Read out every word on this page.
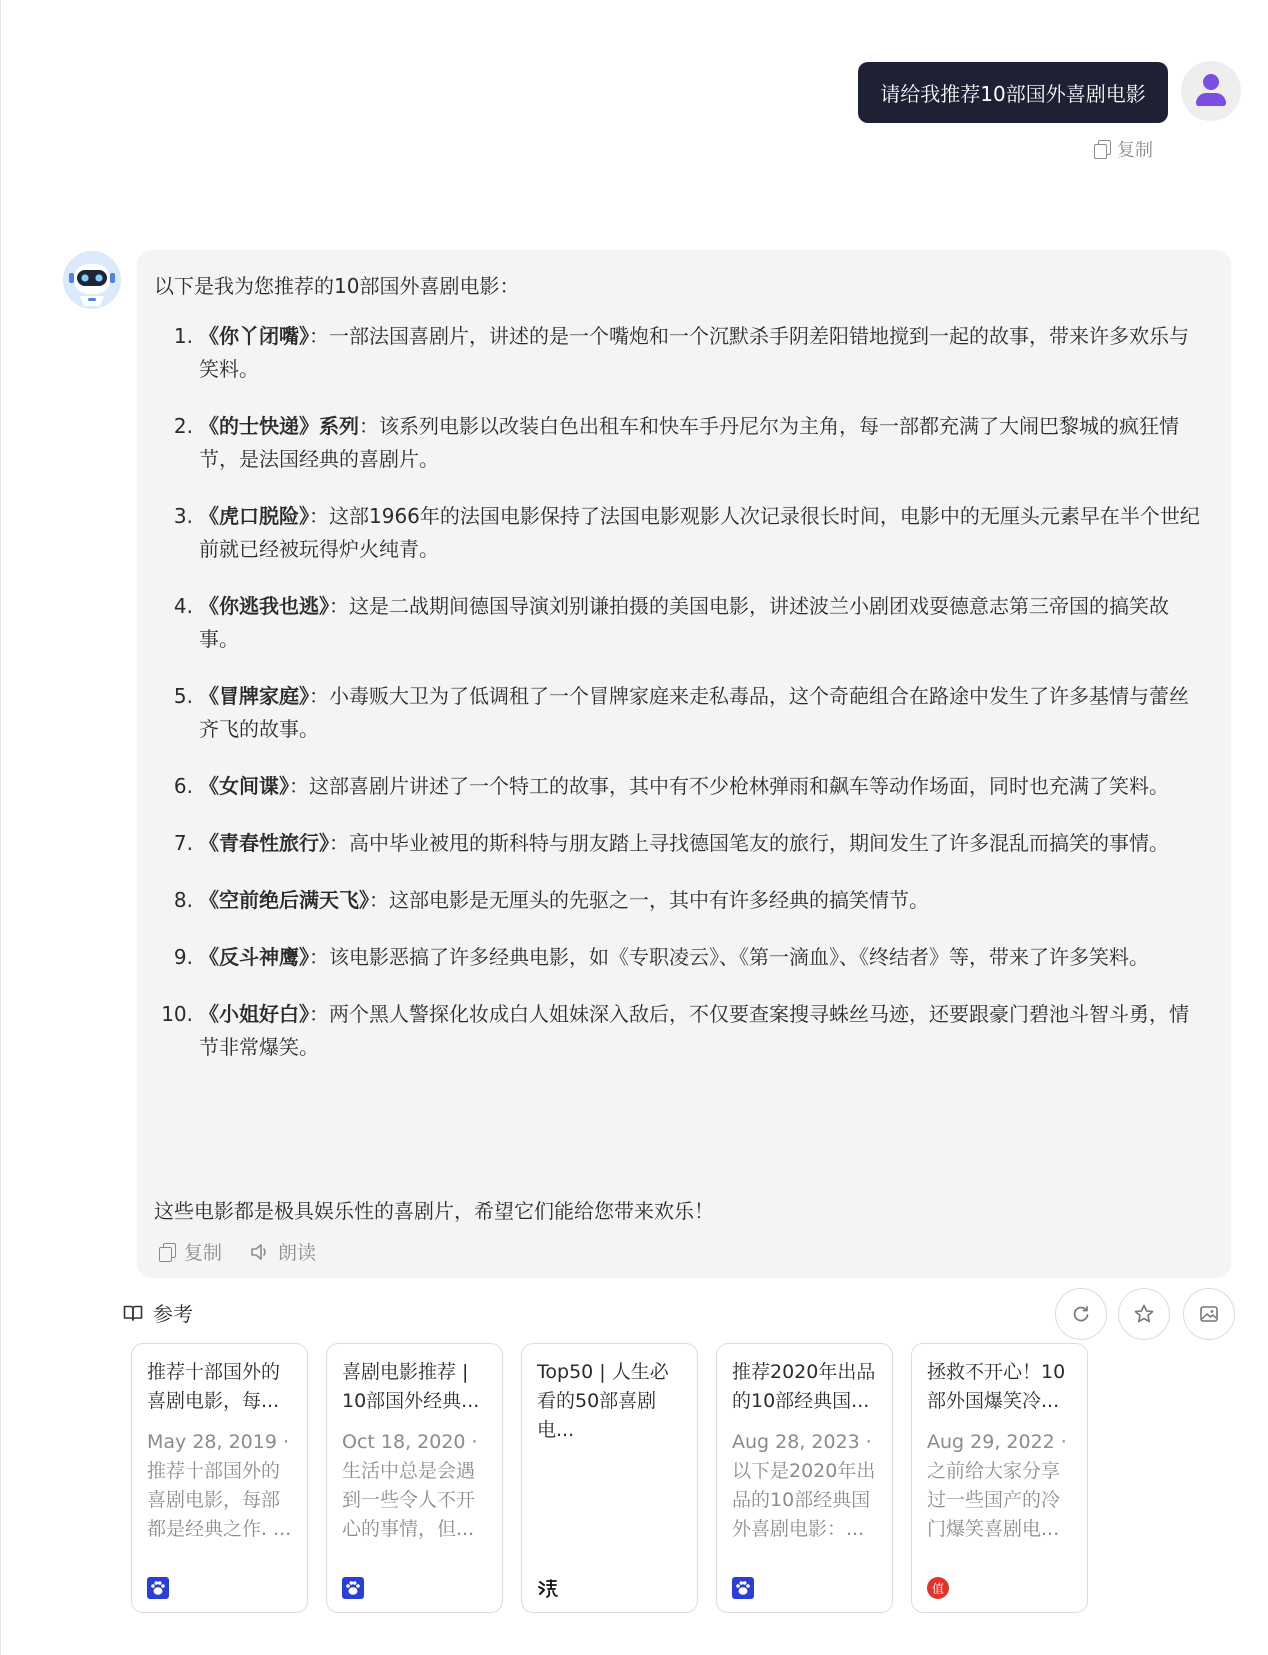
请给我推荐10部国外喜剧电影
复制
以下是我为您推荐的10部国外喜剧电影：
1. 《你丫闭嘴》：一部法国喜剧片，讲述的是一个嘴炮和一个沉默杀手阴差阳错地搅到一起的故事，带来许多欢乐与笑料。
2. 《的士快递》系列：该系列电影以改装白色出租车和快车手丹尼尔为主角，每一部都充满了大闹巴黎城的疯狂情节，是法国经典的喜剧片。
3. 《虎口脱险》：这部1966年的法国电影保持了法国电影观影人次记录很长时间，电影中的无厘头元素早在半个世纪前就已经被玩得炉火纯青。
4. 《你逃我也逃》：这是二战期间德国导演刘别谦拍摄的美国电影，讲述波兰小剧团戏耍德意志第三帝国的搞笑故事。
5. 《冒牌家庭》：小毒贩大卫为了低调租了一个冒牌家庭来走私毒品，这个奇葩组合在路途中发生了许多基情与蕾丝齐飞的故事。
6. 《女间谍》：这部喜剧片讲述了一个特工的故事，其中有不少枪林弹雨和飙车等动作场面，同时也充满了笑料。
7. 《青春性旅行》：高中毕业被甩的斯科特与朋友踏上寻找德国笔友的旅行，期间发生了许多混乱而搞笑的事情。
8. 《空前绝后满天飞》：这部电影是无厘头的先驱之一，其中有许多经典的搞笑情节。
9. 《反斗神鹰》：该电影恶搞了许多经典电影，如《专职凌云》、《第一滴血》、《终结者》等，带来了许多笑料。
10. 《小姐好白》：两个黑人警探化妆成白人姐妹深入敌后，不仅要查案搜寻蛛丝马迹，还要跟豪门碧池斗智斗勇，情节非常爆笑。
这些电影都是极具娱乐性的喜剧片，希望它们能给您带来欢乐！
复制	朗读
参考
推荐十部国外的喜剧电影，每...
May 28, 2019 ·
推荐十部国外的喜剧电影，每部都是经典之作. ...
喜剧电影推荐 | 10部国外经典...
Oct 18, 2020 ·
生活中总是会遇到一些令人不开心的事情，但...
Top50 | 人生必看的50部喜剧电...
推荐2020年出品的10部经典国...
Aug 28, 2023 ·
以下是2020年出品的10部经典国外喜剧电影：...
拯救不开心！10部外国爆笑冷...
Aug 29, 2022 ·
之前给大家分享过一些国产的冷门爆笑喜剧电...
值
